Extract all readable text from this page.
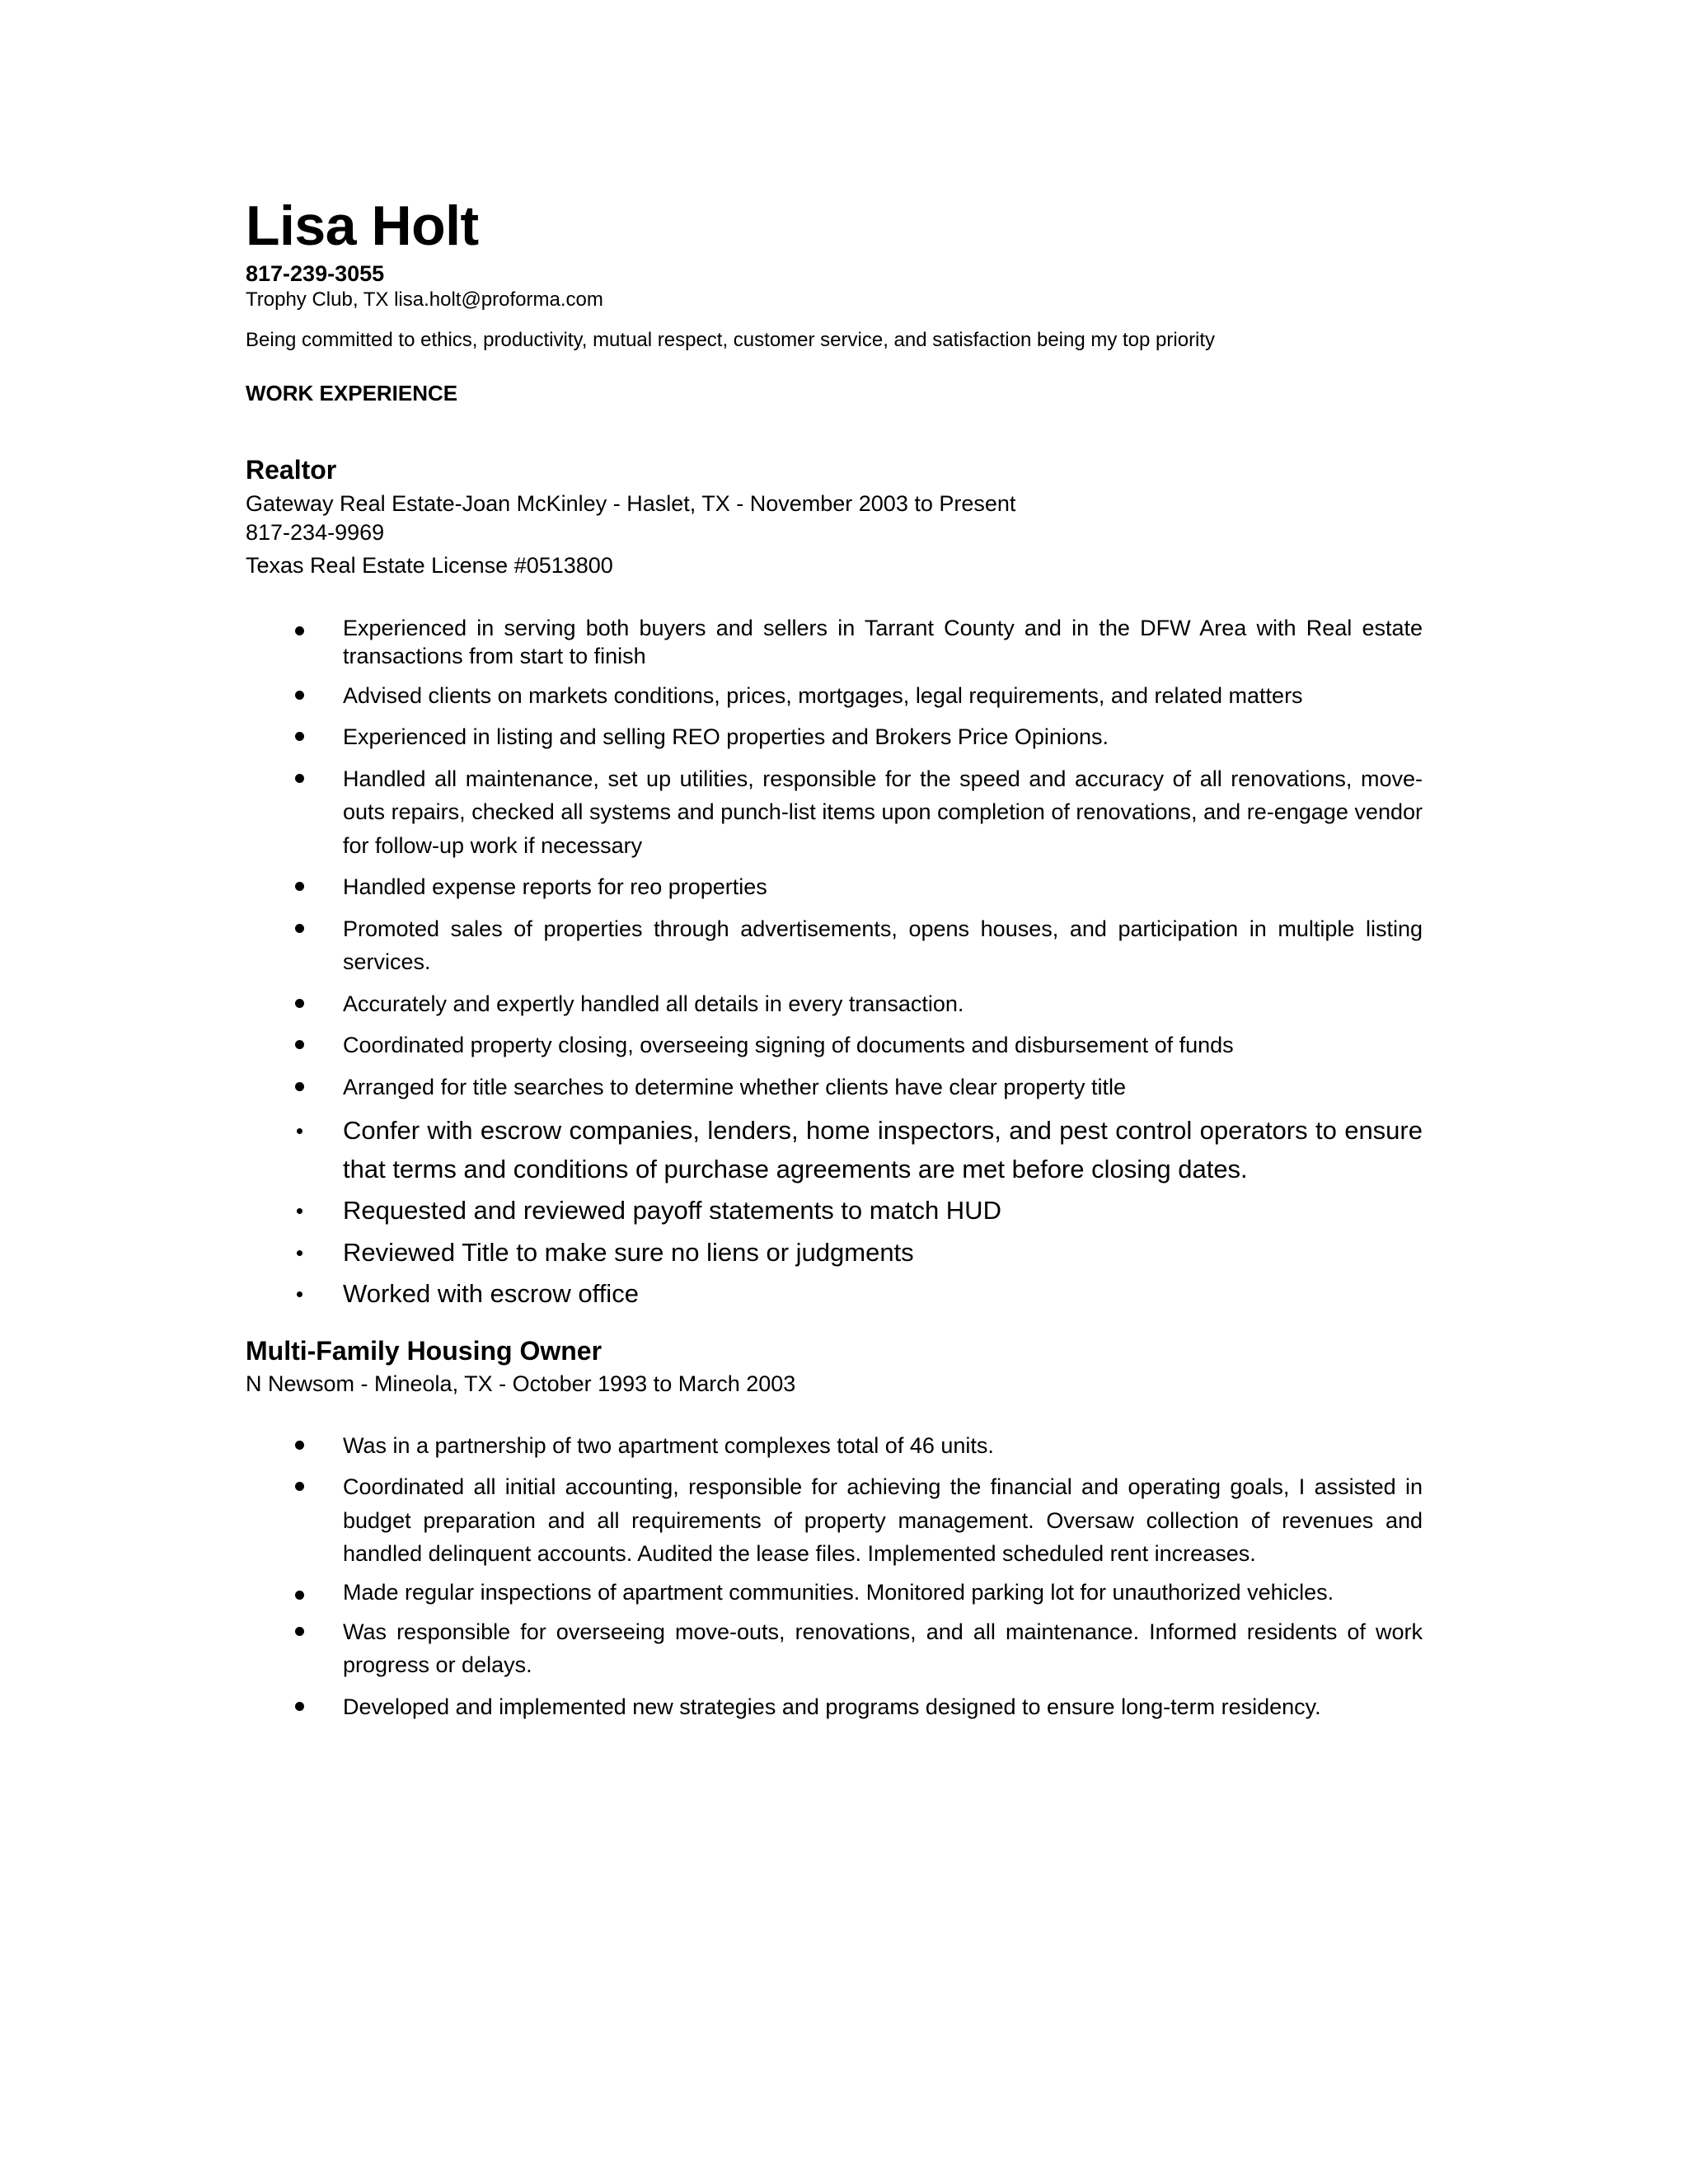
Lisa Holt
817-239-3055
Trophy Club, TX lisa.holt@proforma.com
Being committed to ethics, productivity, mutual respect, customer service, and satisfaction being my top priority
WORK EXPERIENCE
Realtor
Gateway Real Estate-Joan McKinley - Haslet, TX - November 2003 to Present
817-234-9969
Texas Real Estate License #0513800
Experienced in serving both buyers and sellers in Tarrant County and in the DFW Area with Real estate transactions from start to finish
Advised clients on markets conditions, prices, mortgages, legal requirements, and related matters
Experienced in listing and selling REO properties and Brokers Price Opinions.
Handled all maintenance, set up utilities, responsible for the speed and accuracy of all renovations, move-outs repairs, checked all systems and punch-list items upon completion of renovations, and re-engage vendor for follow-up work if necessary
Handled expense reports for reo properties
Promoted sales of properties through advertisements, opens houses, and participation in multiple listing services.
Accurately and expertly handled all details in every transaction.
Coordinated property closing, overseeing signing of documents and disbursement of funds
Arranged for title searches to determine whether clients have clear property title
Confer with escrow companies, lenders, home inspectors, and pest control operators to ensure that terms and conditions of purchase agreements are met before closing dates.
Requested and reviewed payoff statements to match HUD
Reviewed Title to make sure no liens or judgments
Worked with escrow office
Multi-Family Housing Owner
N Newsom - Mineola, TX - October 1993 to March 2003
Was in a partnership of two apartment complexes total of 46 units.
Coordinated all initial accounting, responsible for achieving the financial and operating goals, I assisted in budget preparation and all requirements of property management. Oversaw collection of revenues and handled delinquent accounts. Audited the lease files. Implemented scheduled rent increases.
Made regular inspections of apartment communities. Monitored parking lot for unauthorized vehicles.
Was responsible for overseeing move-outs, renovations, and all maintenance. Informed residents of work progress or delays.
Developed and implemented new strategies and programs designed to ensure long-term residency.
